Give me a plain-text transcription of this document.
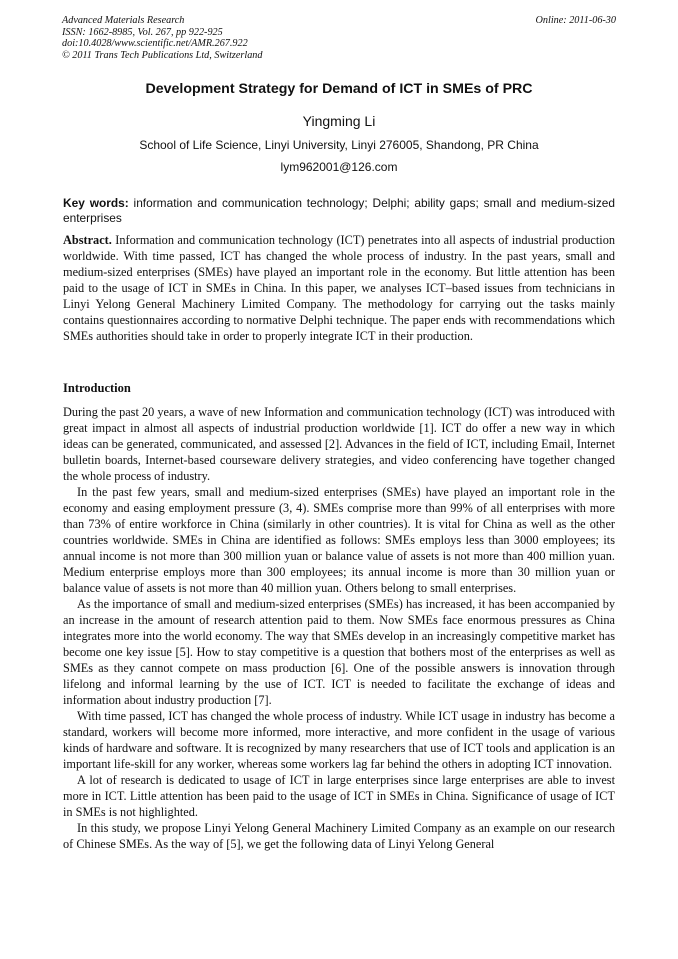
Advanced Materials Research
ISSN: 1662-8985, Vol. 267, pp 922-925
doi:10.4028/www.scientific.net/AMR.267.922
© 2011 Trans Tech Publications Ltd, Switzerland
Online: 2011-06-30
Development Strategy for Demand of ICT in SMEs of PRC
Yingming Li
School of Life Science, Linyi University, Linyi 276005, Shandong, PR China
lym962001@126.com
Key words: information and communication technology; Delphi; ability gaps; small and medium-sized enterprises
Abstract. Information and communication technology (ICT) penetrates into all aspects of industrial production worldwide. With time passed, ICT has changed the whole process of industry. In the past years, small and medium-sized enterprises (SMEs) have played an important role in the economy. But little attention has been paid to the usage of ICT in SMEs in China. In this paper, we analyses ICT–based issues from technicians in Linyi Yelong General Machinery Limited Company. The methodology for carrying out the tasks mainly contains questionnaires according to normative Delphi technique. The paper ends with recommendations which SMEs authorities should take in order to properly integrate ICT in their production.
Introduction

During the past 20 years, a wave of new Information and communication technology (ICT) was introduced with great impact in almost all aspects of industrial production worldwide [1]. ICT do offer a new way in which ideas can be generated, communicated, and assessed [2]. Advances in the field of ICT, including Email, Internet bulletin boards, Internet-based courseware delivery strategies, and video conferencing have together changed the whole process of industry.

In the past few years, small and medium-sized enterprises (SMEs) have played an important role in the economy and easing employment pressure (3, 4). SMEs comprise more than 99% of all enterprises with more than 73% of entire workforce in China (similarly in other countries). It is vital for China as well as the other countries worldwide. SMEs in China are identified as follows: SMEs employs less than 3000 employees; its annual income is not more than 300 million yuan or balance value of assets is not more than 400 million yuan. Medium enterprise employs more than 300 employees; its annual income is more than 30 million yuan or balance value of assets is not more than 40 million yuan. Others belong to small enterprises.

As the importance of small and medium-sized enterprises (SMEs) has increased, it has been accompanied by an increase in the amount of research attention paid to them. Now SMEs face enormous pressures as China integrates more into the world economy. The way that SMEs develop in an increasingly competitive market has become one key issue [5]. How to stay competitive is a question that bothers most of the enterprises as well as SMEs as they cannot compete on mass production [6]. One of the possible answers is innovation through lifelong and informal learning by the use of ICT. ICT is needed to facilitate the exchange of ideas and information about industry production [7].

With time passed, ICT has changed the whole process of industry. While ICT usage in industry has become a standard, workers will become more informed, more interactive, and more confident in the usage of various kinds of hardware and software. It is recognized by many researchers that use of ICT tools and application is an important life-skill for any worker, whereas some workers lag far behind the others in adopting ICT innovation.

A lot of research is dedicated to usage of ICT in large enterprises since large enterprises are able to invest more in ICT. Little attention has been paid to the usage of ICT in SMEs in China. Significance of usage of ICT in SMEs is not highlighted.

In this study, we propose Linyi Yelong General Machinery Limited Company as an example on our research of Chinese SMEs. As the way of [5], we get the following data of Linyi Yelong General
